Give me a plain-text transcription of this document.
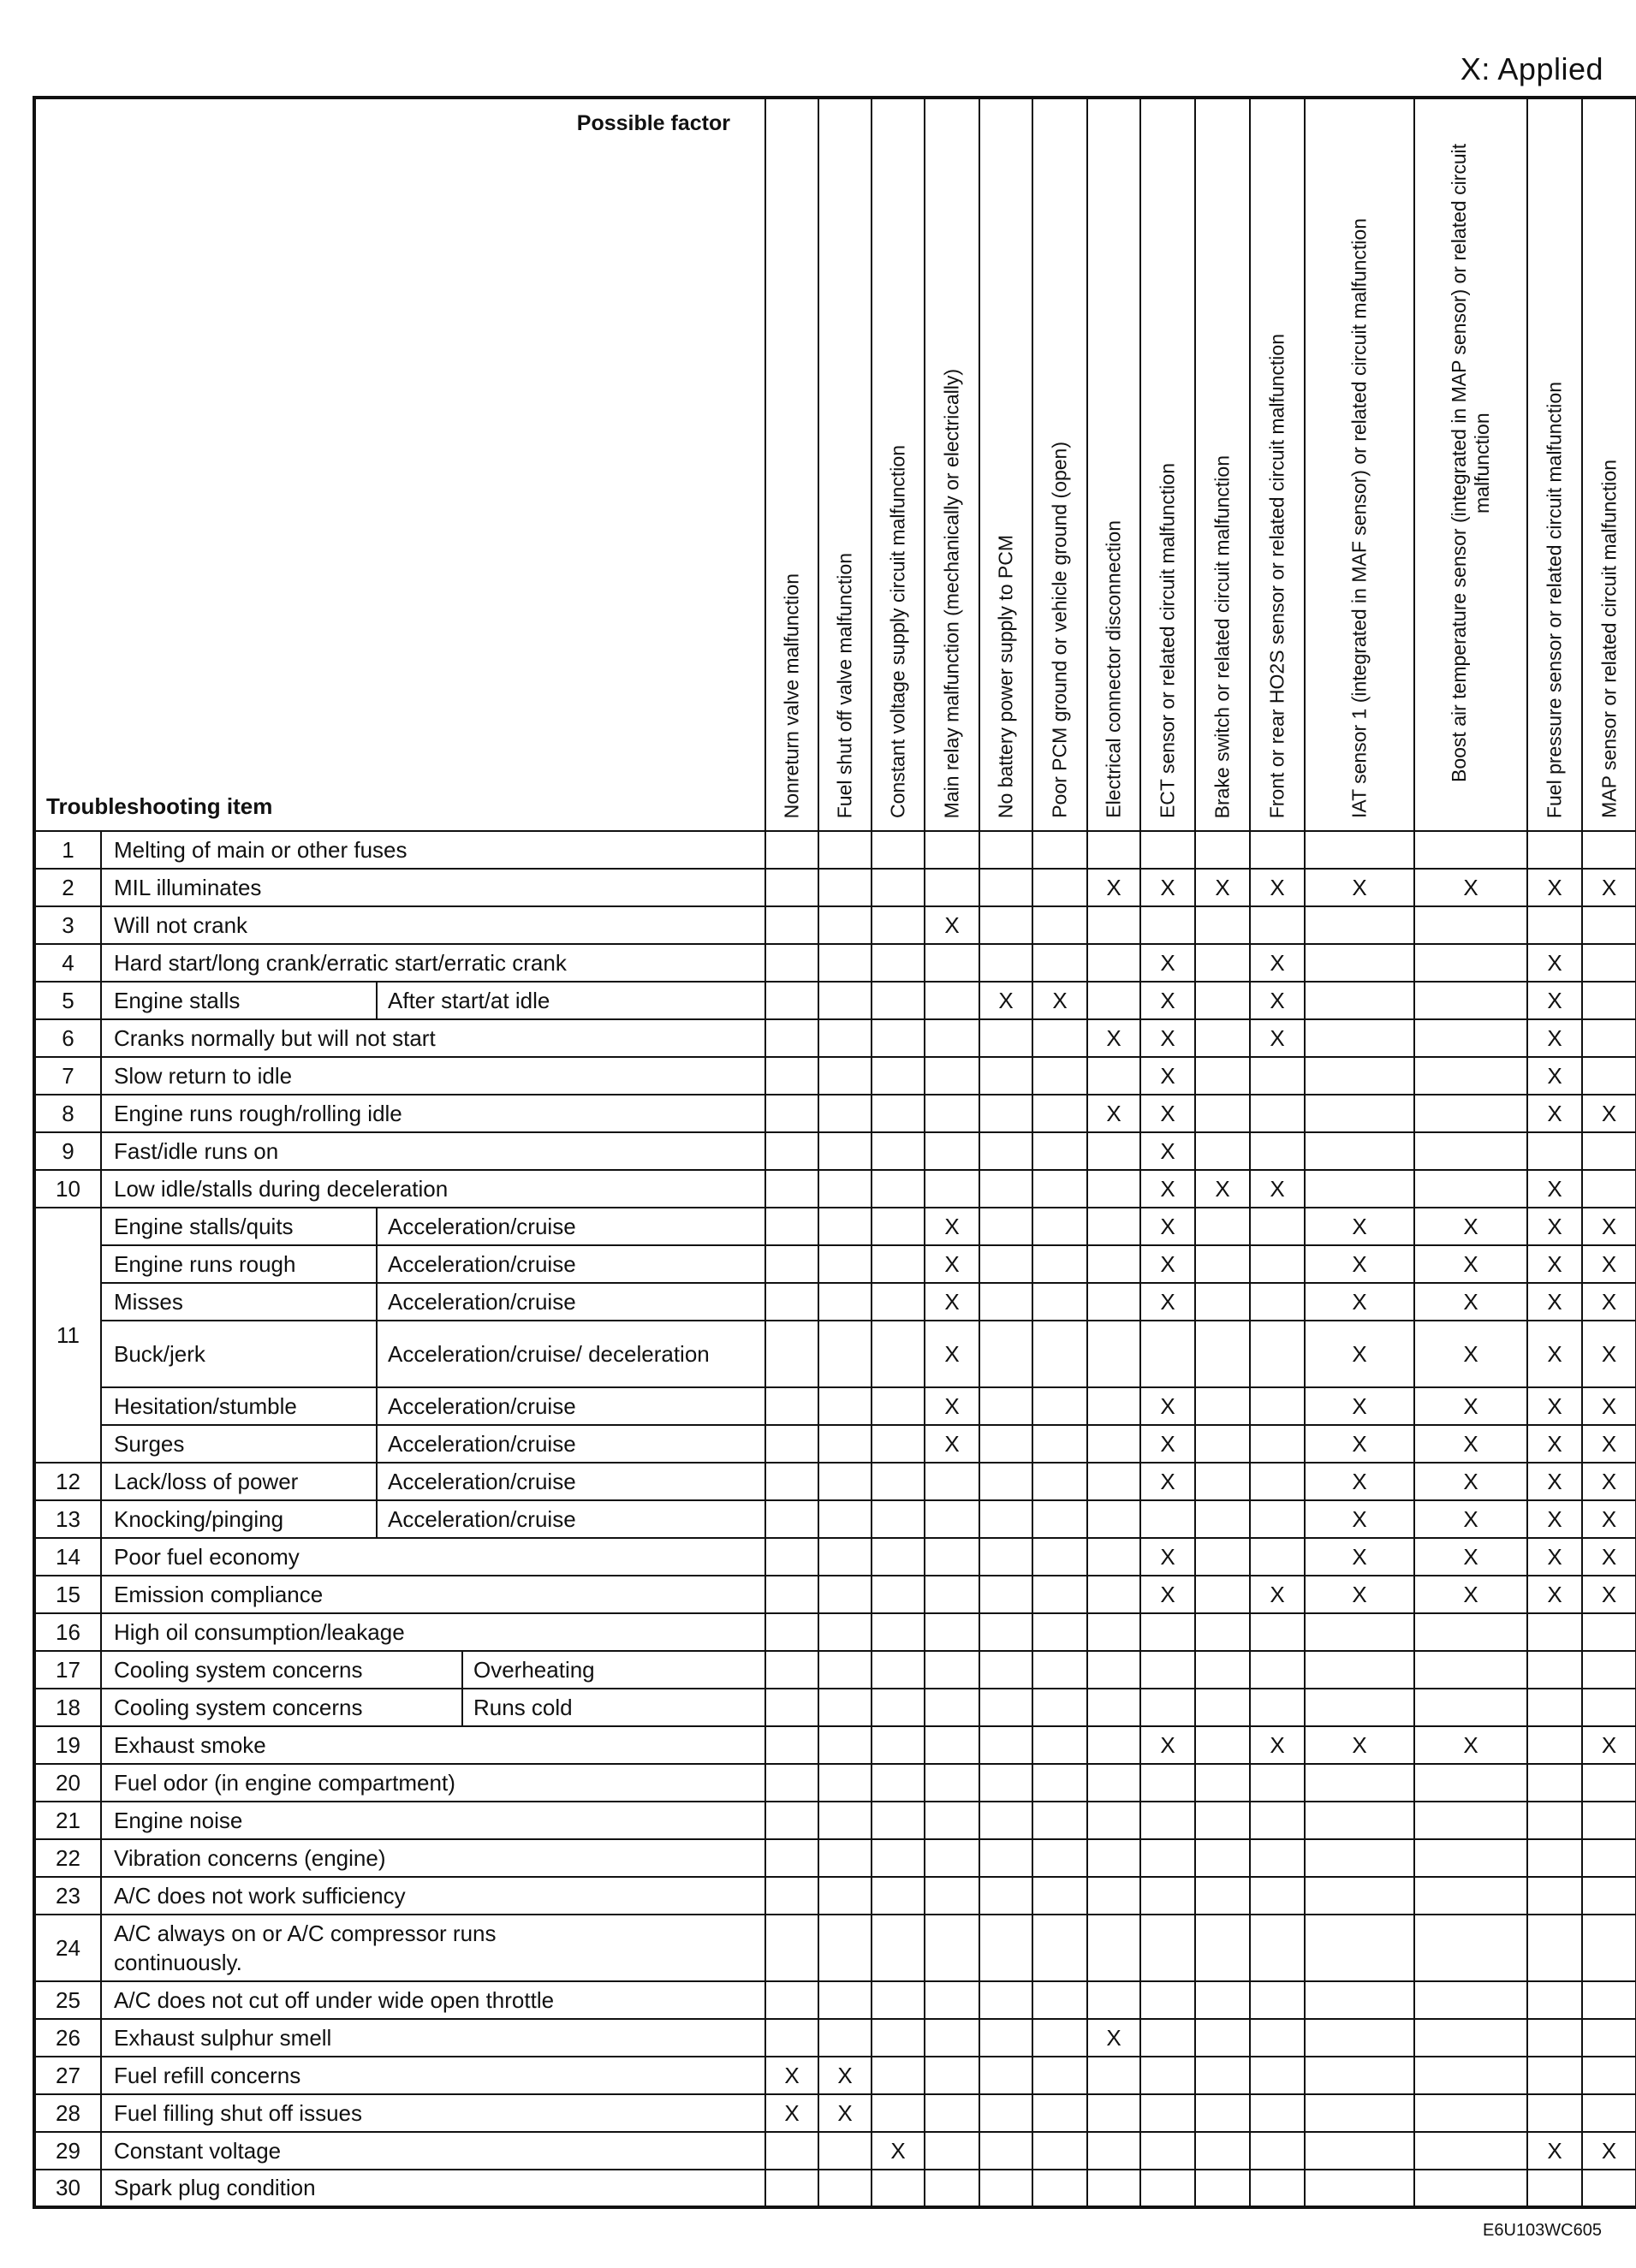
X: Applied
Possible factor
Troubleshooting item			Nonreturn valve malfunction	Fuel shut off valve malfunction	Constant voltage supply circuit malfunction	Main relay malfunction (mechanically or electrically)	No battery power supply to PCM	Poor PCM ground or vehicle ground (open)	Electrical connector disconnection	ECT sensor or related circuit malfunction	Brake switch or related circuit malfunction	Front or rear HO2S sensor or related circuit malfunction	IAT sensor 1 (integrated in MAF sensor) or related circuit malfunction	Boost air temperature sensor (integrated in MAP sensor) or related circuit malfunction	Fuel pressure sensor or related circuit malfunction	MAP sensor or related circuit malfunction

1	Melting of main or other fuses															
2	MIL illuminates								X	X	X	X	X	X	X	X
3	Will not crank					X										
4	Hard start/long crank/erratic start/erratic crank									X		X			X	
5	Engine stalls	After start/at idle					X	X		X		X			X	
6	Cranks normally but will not start								X	X		X			X	
7	Slow return to idle									X					X	
8	Engine runs rough/rolling idle								X	X					X	X
9	Fast/idle runs on									X						
10	Low idle/stalls during deceleration									X	X	X			X	
11	Engine stalls/quits	Acceleration/cruise				X				X			X	X	X	X
	Engine runs rough	Acceleration/cruise				X				X			X	X	X	X
	Misses	Acceleration/cruise				X				X			X	X	X	X
	Buck/jerk	Acceleration/cruise/ deceleration				X							X	X	X	X
	Hesitation/stumble	Acceleration/cruise				X				X			X	X	X	X
	Surges	Acceleration/cruise				X				X			X	X	X	X
12	Lack/loss of power	Acceleration/cruise								X			X	X	X	X
13	Knocking/pinging	Acceleration/cruise											X	X	X	X
14	Poor fuel economy									X			X	X	X	X
15	Emission compliance									X		X	X	X	X	X
16	High oil consumption/leakage															
17	Cooling system concerns Overheating															

18	Cooling system concerns Runs cold															

19	Exhaust smoke									X		X	X	X		X
20	Fuel odor (in engine compartment)															
21	Engine noise															
22	Vibration concerns (engine)															
23	A/C does not work sufficiency															
24	A/C always on or A/C compressor runs continuously.															
25	A/C does not cut off under wide open throttle															
26	Exhaust sulphur smell								X							
27	Fuel refill concerns		X	X												
28	Fuel filling shut off issues		X	X												
29	Constant voltage				X										X	X
30	Spark plug condition															
E6U103WC605
